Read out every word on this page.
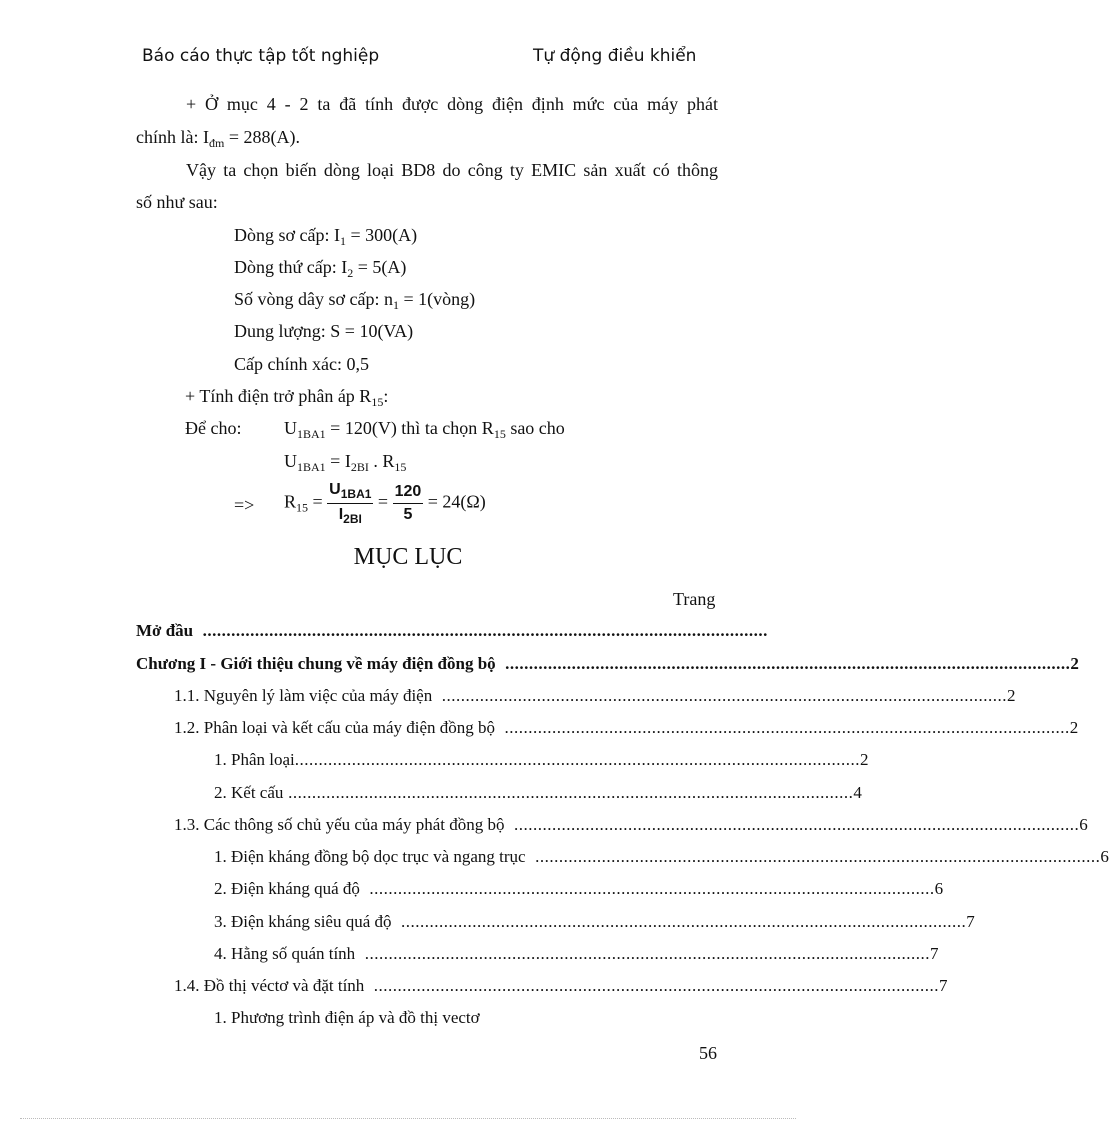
Báo cáo thực tập tốt nghiệp	Tự động điều khiển
+ Ở mục 4 - 2 ta đã tính được dòng điện định mức của máy phát
chính là: $I_{đm} = 288(A)$.
Vậy ta chọn biến dòng loại BD8 do công ty EMIC sản xuất có thông
số như sau:
Dòng sơ cấp: $I_1 = 300(A)$
Dòng thứ cấp: $I_2 = 5(A)$
Số vòng dây sơ cấp: $n_1$ = 1(vòng)
Dung lượng: S = 10(VA)
Cấp chính xác: 0,5
+ Tính điện trở phân áp $R_{15}$:
Để cho: $U_{1BA1} = 120(V)$ thì ta chọn $R_{15}$ sao cho
$U_{1BA1} = I_{2BI}$ . $R_{15}$
=> $R_{15} = \frac{U_{1BA1}}{I_{2BI}} = \frac{120}{5} = 24(\Omega)$
MỤC LỤC
Trang
Mở đầu .......................................................................................................................
Chương I - Giới thiệu chung về máy điện đồng bộ ....................................................................................................................... 2
1.1. Nguyên lý làm việc của máy điện ....................................................................................................................... 2
1.2. Phân loại và kết cấu của máy điện đồng bộ ....................................................................................................................... 2
1. Phân loại ....................................................................................................................... 2
2. Kết cấu ....................................................................................................................... 4
1.3. Các thông số chủ yếu của máy phát đồng bộ ....................................................................................................................... 6
1. Điện kháng đồng bộ dọc trục và ngang trục ....................................................................................................................... 6
2. Điện kháng quá độ ....................................................................................................................... 6
3. Điện kháng siêu quá độ ....................................................................................................................... 7
4. Hằng số quán tính ....................................................................................................................... 7
1.4. Đồ thị véctơ và đặt tính ....................................................................................................................... 7
1. Phương trình điện áp và đồ thị vectơ
56
